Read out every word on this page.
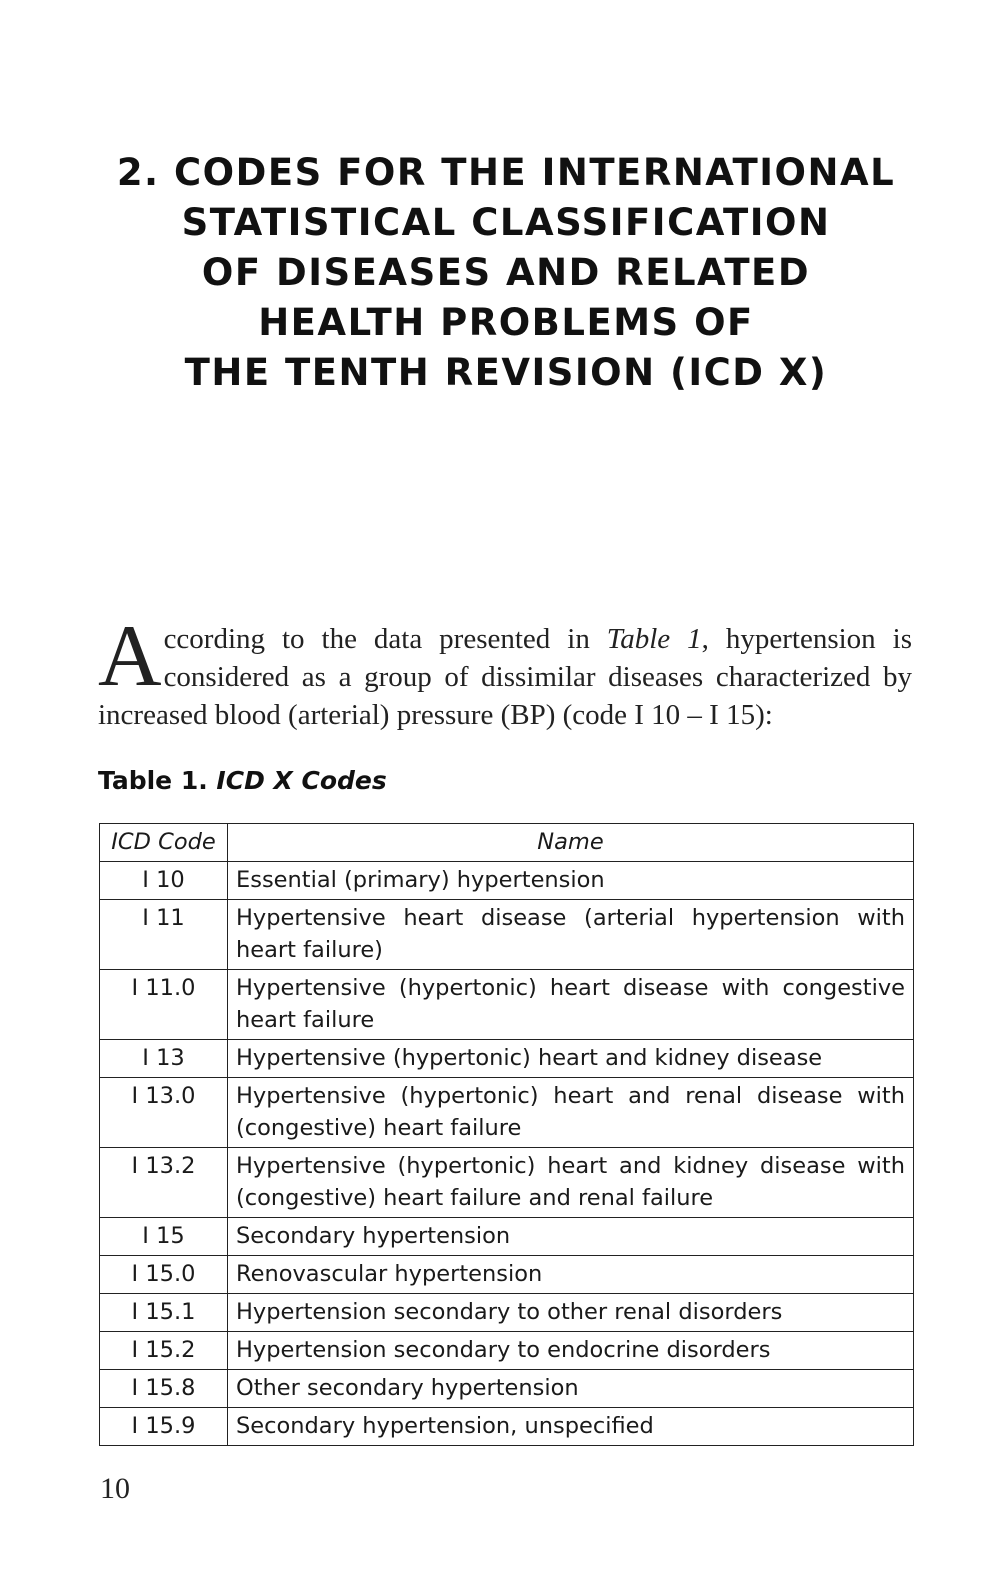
2. CODES FOR THE INTERNATIONAL
STATISTICAL CLASSIFICATION
OF DISEASES AND RELATED
HEALTH PROBLEMS OF
THE TENTH REVISION (ICD X)

According to the data presented in Table 1, hypertension is considered as a group of dissimilar diseases characterized by increased blood (arterial) pressure (BP) (code I 10 – I 15):

Table 1. ICD X Codes

ICD Code	Name
I 10	Essential (primary) hypertension
I 11	Hypertensive heart disease (arterial hypertension with heart failure)
I 11.0	Hypertensive (hypertonic) heart disease with congestive heart failure
I 13	Hypertensive (hypertonic) heart and kidney disease
I 13.0	Hypertensive (hypertonic) heart and renal disease with (congestive) heart failure
I 13.2	Hypertensive (hypertonic) heart and kidney disease with (congestive) heart failure and renal failure
I 15	Secondary hypertension
I 15.0	Renovascular hypertension
I 15.1	Hypertension secondary to other renal disorders
I 15.2	Hypertension secondary to endocrine disorders
I 15.8	Other secondary hypertension
I 15.9	Secondary hypertension, unspecified
10
